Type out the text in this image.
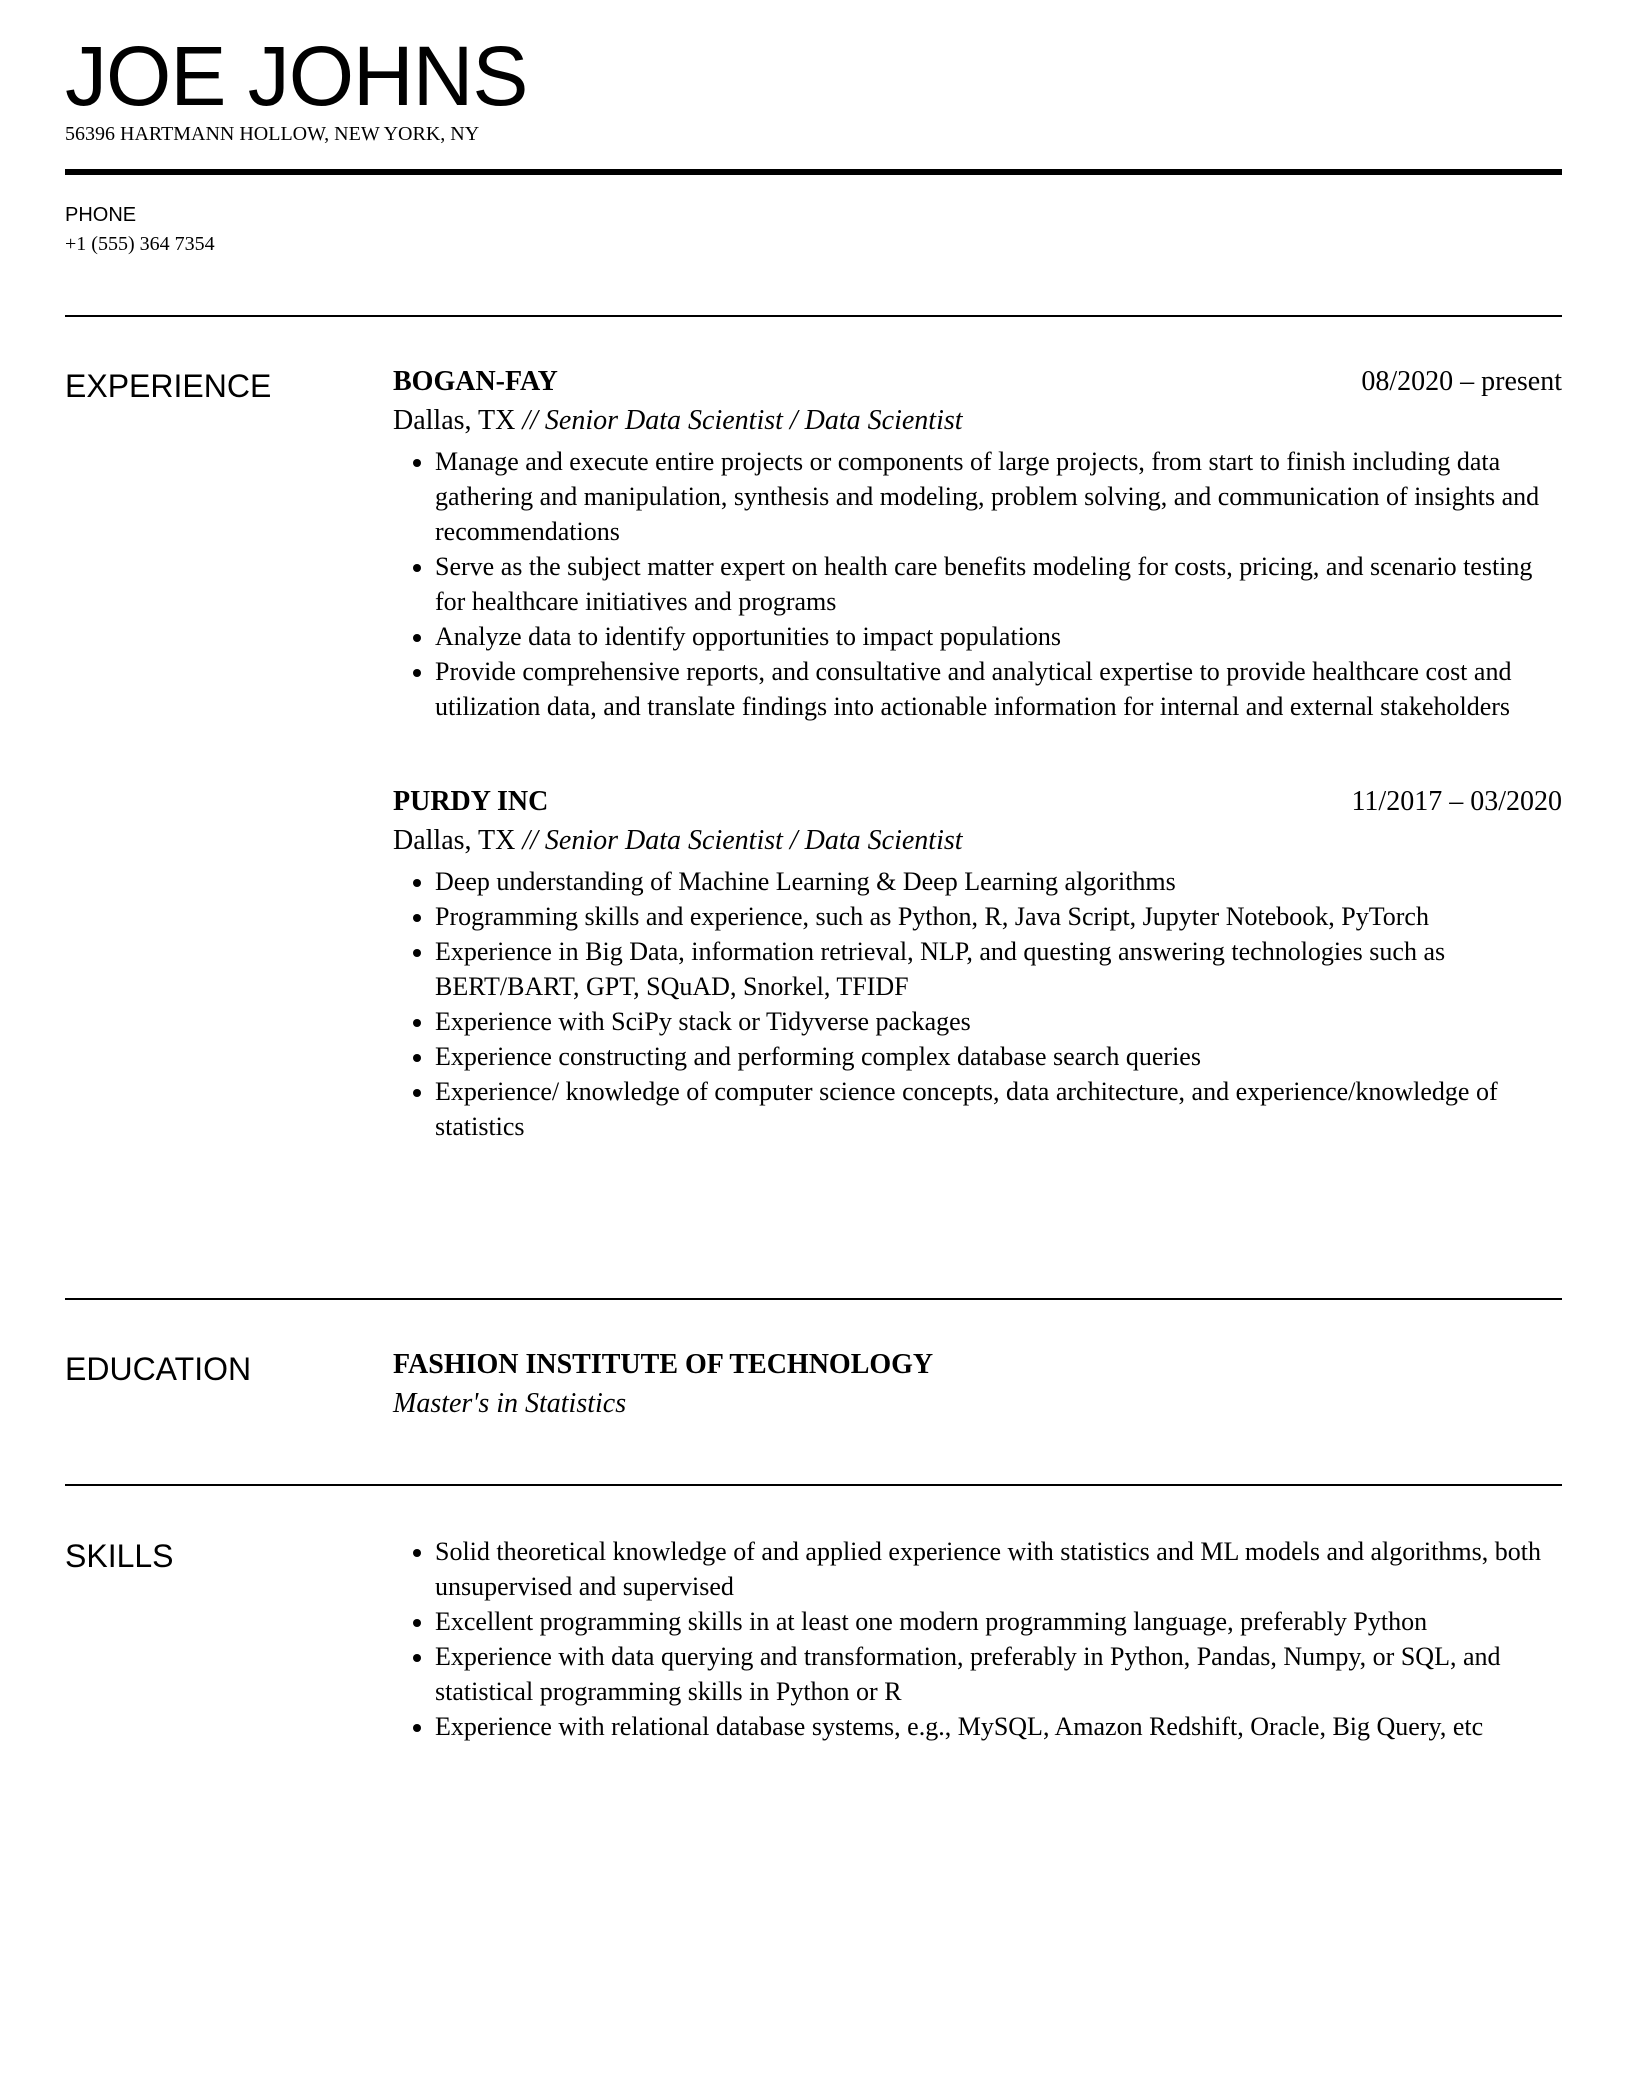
JOE JOHNS
56396 HARTMANN HOLLOW, NEW YORK, NY
PHONE
+1 (555) 364 7354
EXPERIENCE	BOGAN-FAY	08/2020 – present
Dallas, TX // Senior Data Scientist / Data Scientist
• Manage and execute entire projects or components of large projects, from start to finish including data gathering and manipulation, synthesis and modeling, problem solving, and communication of insights and recommendations
• Serve as the subject matter expert on health care benefits modeling for costs, pricing, and scenario testing for healthcare initiatives and programs
• Analyze data to identify opportunities to impact populations
• Provide comprehensive reports, and consultative and analytical expertise to provide healthcare cost and utilization data, and translate findings into actionable information for internal and external stakeholders
PURDY INC	11/2017 – 03/2020
Dallas, TX // Senior Data Scientist / Data Scientist
• Deep understanding of Machine Learning & Deep Learning algorithms
• Programming skills and experience, such as Python, R, Java Script, Jupyter Notebook, PyTorch
• Experience in Big Data, information retrieval, NLP, and questing answering technologies such as BERT/BART, GPT, SQuAD, Snorkel, TFIDF
• Experience with SciPy stack or Tidyverse packages
• Experience constructing and performing complex database search queries
• Experience/ knowledge of computer science concepts, data architecture, and experience/knowledge of statistics
EDUCATION	FASHION INSTITUTE OF TECHNOLOGY
Master's in Statistics
SKILLS
•	Solid theoretical knowledge of and applied experience with statistics and ML models and algorithms, both unsupervised and supervised
• Excellent programming skills in at least one modern programming language, preferably Python
• Experience with data querying and transformation, preferably in Python, Pandas, Numpy, or SQL, and statistical programming skills in Python or R
• Experience with relational database systems, e.g., MySQL, Amazon Redshift, Oracle, Big Query, etc
